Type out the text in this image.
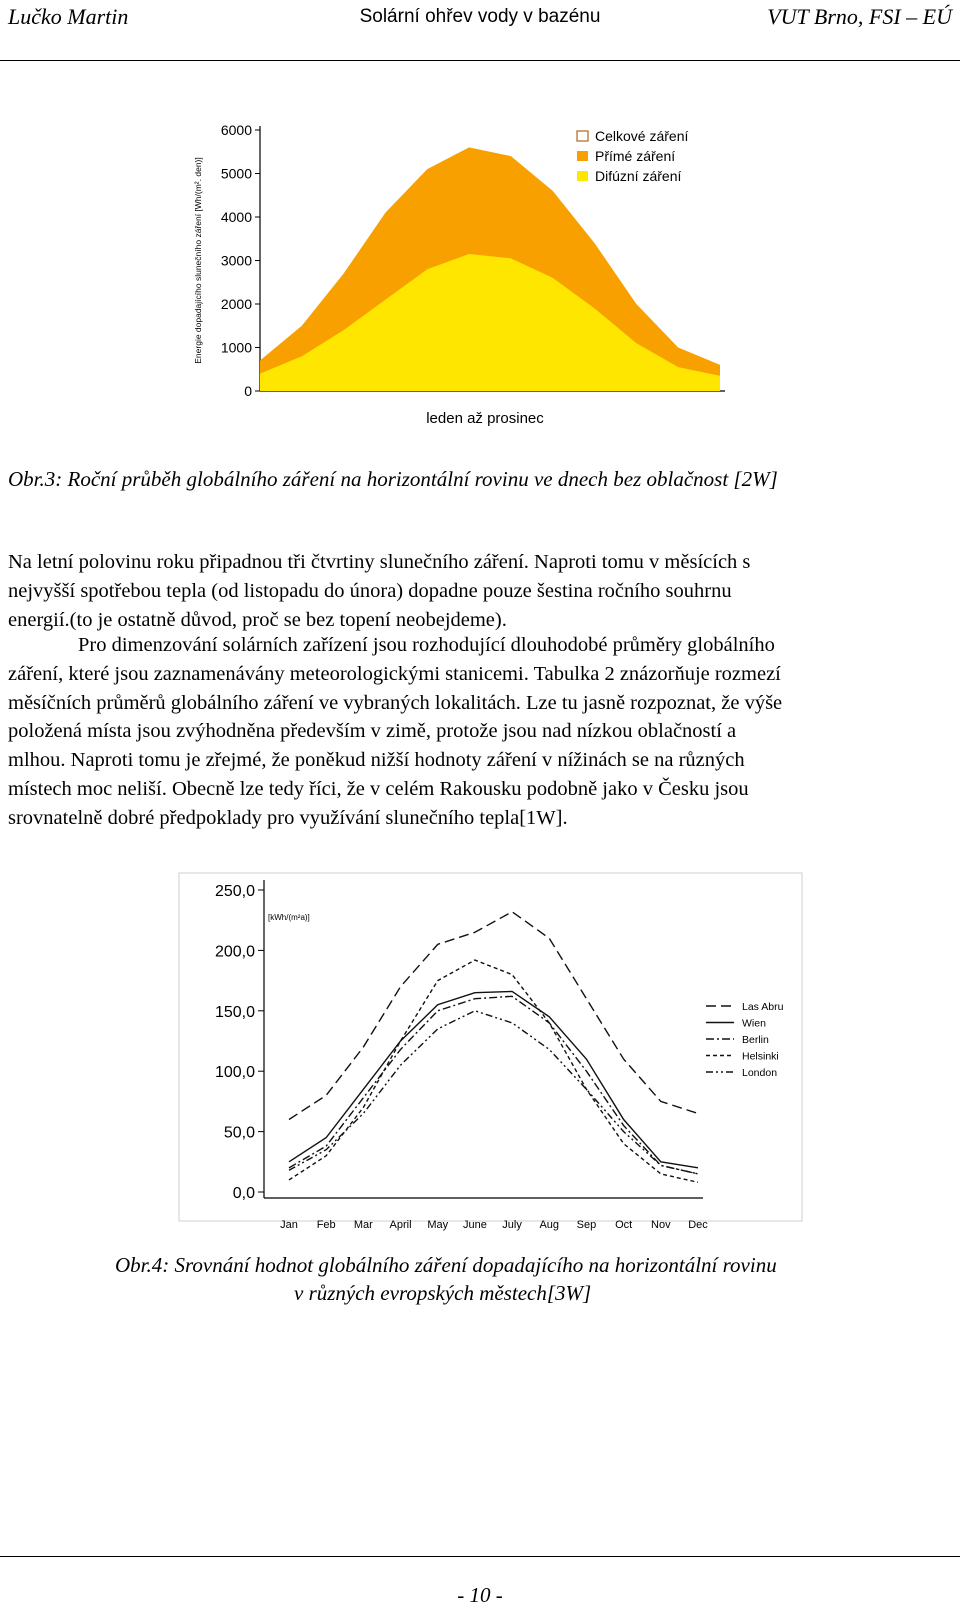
Lučko Martin	Solární ohřev vody v bazénu	VUT Brno, FSI – EÚ
6000
5000
4000
3000
2000
1000
0
Energie dopadajícího slunečního záření [Wh/(m². den)]
leden až prosinec
Celkové záření
Přímé záření
Difúzní záření
Obr.3: Roční průběh globálního záření na horizontální rovinu ve dnech bez oblačnost [2W]

Na letní polovinu roku připadnou tři čtvrtiny slunečního záření. Naproti tomu v měsících s

nejvyšší spotřebou tepla (od listopadu do února) dopadne pouze šestina ročního souhrnu

energií.(to je ostatně důvod, proč se bez topení neobejdeme).

Pro dimenzování solárních zařízení jsou rozhodující dlouhodobé průměry globálního

záření, které jsou zaznamenávány meteorologickými stanicemi. Tabulka 2 znázorňuje rozmezí

měsíčních průměrů globálního záření ve vybraných lokalitách. Lze tu jasně rozpoznat, že výše

položená místa jsou zvýhodněna především v zimě, protože jsou nad nízkou oblačností a

mlhou. Naproti tomu je zřejmé, že poněkud nižší hodnoty záření v nížinách se na různých

místech moc neliší. Obecně lze tedy říci, že v celém Rakousku podobně jako v Česku jsou

srovnatelně dobré předpoklady pro využívání slunečního tepla[1W].

250,0
200,0
150,0
100,0
50,0
0,0
[kWh/(m²a)]
Jan Feb Mar April May June July Aug Sep Oct Nov Dec
Las Abru
Wien
Berlin
Helsinki
London
Obr.4: Srovnání hodnot globálního záření dopadajícího na horizontální rovinu
v různých evropských městech[3W]
- 10 -
